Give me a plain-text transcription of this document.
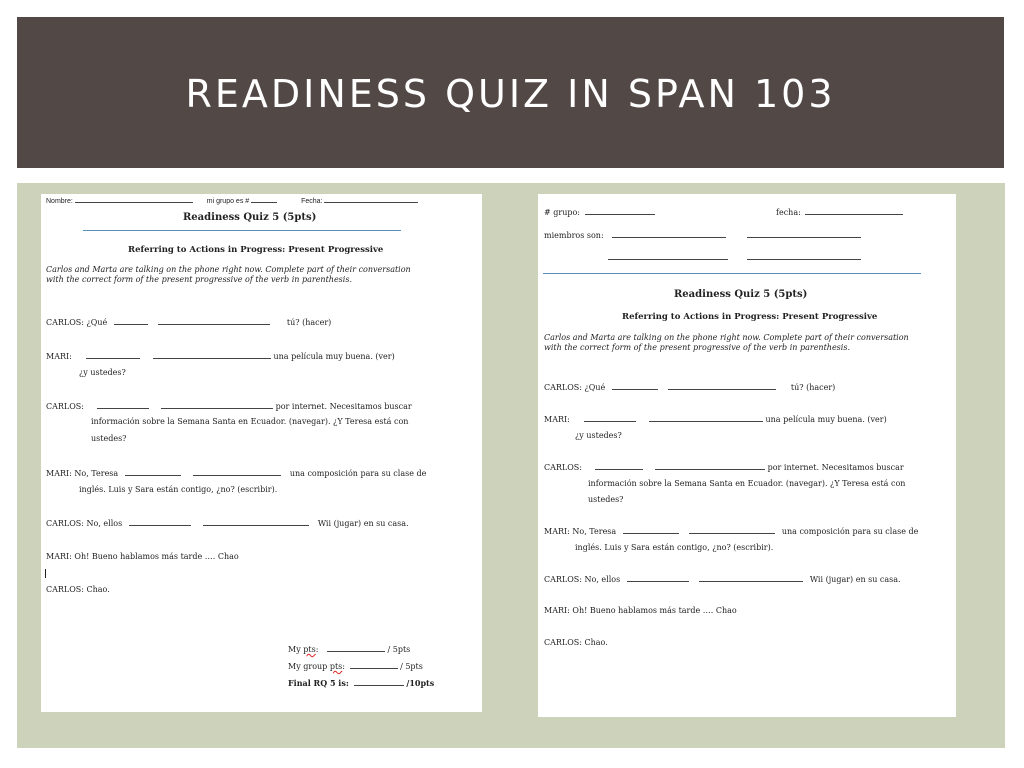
READINESS QUIZ IN SPAN 103
Nombre:	mi grupo es #	Fecha:
Readiness Quiz 5 (5pts)
Referring to Actions in Progress: Present Progressive
Carlos and Marta are talking on the phone right now. Complete part of their conversation with the correct form of the present progressive of the verb in parenthesis.
CARLOS: ¿Qué	tú? (hacer)
MARI:	una película muy buena. (ver)
¿y ustedes?
CARLOS:	por internet. Necesitamos buscar
información sobre la Semana Santa en Ecuador. (navegar). ¿Y Teresa está con
ustedes?
MARI: No, Teresa	una composición para su clase de
inglés. Luis y Sara están contigo, ¿no? (escribir).
CARLOS: No, ellos	Wii (jugar) en su casa.
MARI: Oh! Bueno hablamos más tarde …. Chao
CARLOS: Chao.
My pts:	/ 5pts
My group pts:	/ 5pts
Final RQ 5 is:	/10pts
# grupo:	fecha:
miembros son:

Readiness Quiz 5 (5pts)
Referring to Actions in Progress: Present Progressive
Carlos and Marta are talking on the phone right now. Complete part of their conversation with the correct form of the present progressive of the verb in parenthesis.
CARLOS: ¿Qué	tú? (hacer)
MARI:	una película muy buena. (ver)
¿y ustedes?
CARLOS:	por internet. Necesitamos buscar
información sobre la Semana Santa en Ecuador. (navegar). ¿Y Teresa está con
ustedes?
MARI: No, Teresa	una composición para su clase de
inglés. Luis y Sara están contigo, ¿no? (escribir).
CARLOS: No, ellos	Wii (jugar) en su casa.
MARI: Oh! Bueno hablamos más tarde …. Chao
CARLOS: Chao.
